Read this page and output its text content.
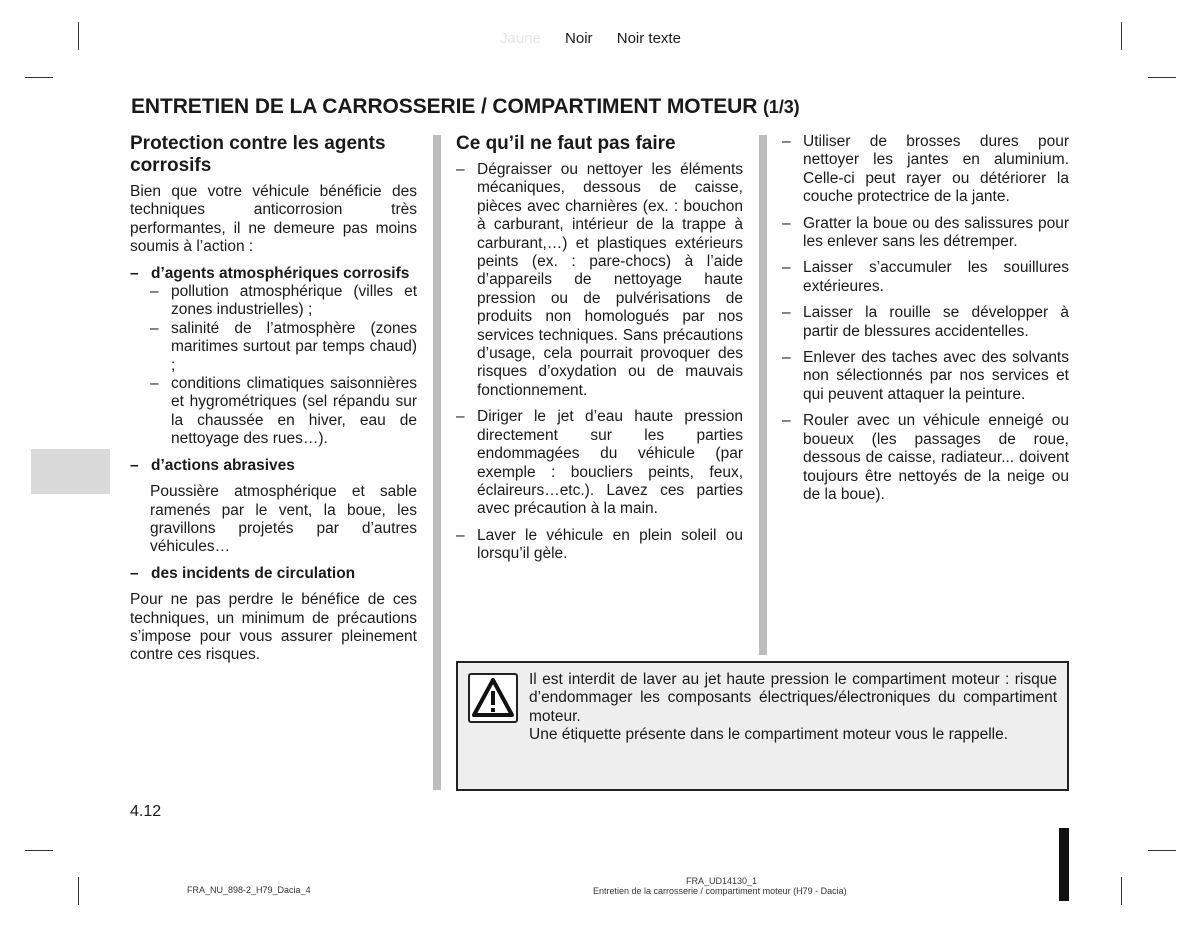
Jaune Noir Noir texte
ENTRETIEN DE LA CARROSSERIE / COMPARTIMENT MOTEUR (1/3)
Protection contre les agents corrosifs

Bien que votre véhicule bénéficie des techniques anticorrosion très performantes, il ne demeure pas moins soumis à l’action :

– d’agents atmosphériques corrosifs
– pollution atmosphérique (villes et zones industrielles) ;
– salinité de l’atmosphère (zones maritimes surtout par temps chaud) ;
– conditions climatiques saisonnières et hygrométriques (sel répandu sur la chaussée en hiver, eau de nettoyage des rues…).
– d’actions abrasives
Poussière atmosphérique et sable ramenés par le vent, la boue, les gravillons projetés par d’autres véhicules…
– des incidents de circulation

Pour ne pas perdre le bénéfice de ces techniques, un minimum de précautions s’impose pour vous assurer pleinement contre ces risques.

Ce qu’il ne faut pas faire
– Dégraisser ou nettoyer les éléments mécaniques, dessous de caisse, pièces avec charnières (ex. : bouchon à carburant, intérieur de la trappe à carburant,…) et plastiques extérieurs peints (ex. : pare-chocs) à l’aide d’appareils de nettoyage haute pression ou de pulvérisations de produits non homologués par nos services techniques. Sans précautions d’usage, cela pourrait provoquer des risques d’oxydation ou de mauvais fonctionnement.
– Diriger le jet d’eau haute pression directement sur les parties endommagées du véhicule (par exemple : boucliers peints, feux, éclaireurs…etc.). Lavez ces parties avec précaution à la main.
– Laver le véhicule en plein soleil ou lorsqu’il gèle.
– Utiliser de brosses dures pour nettoyer les jantes en aluminium. Celle-ci peut rayer ou détériorer la couche protectrice de la jante.
– Gratter la boue ou des salissures pour les enlever sans les détremper.
– Laisser s’accumuler les souillures extérieures.
– Laisser la rouille se développer à partir de blessures accidentelles.
– Enlever des taches avec des solvants non sélectionnés par nos services et qui peuvent attaquer la peinture.
– Rouler avec un véhicule enneigé ou boueux (les passages de roue, dessous de caisse, radiateur... doivent toujours être nettoyés de la neige ou de la boue).
Il est interdit de laver au jet haute pression le compartiment moteur : risque d’endommager les composants électriques/électroniques du compartiment moteur.
Une étiquette présente dans le compartiment moteur vous le rappelle.
4.12
FRA_NU_898-2_H79_Dacia_4
FRA_UD14130_1
Entretien de la carrosserie / compartiment moteur (H79 - Dacia)
